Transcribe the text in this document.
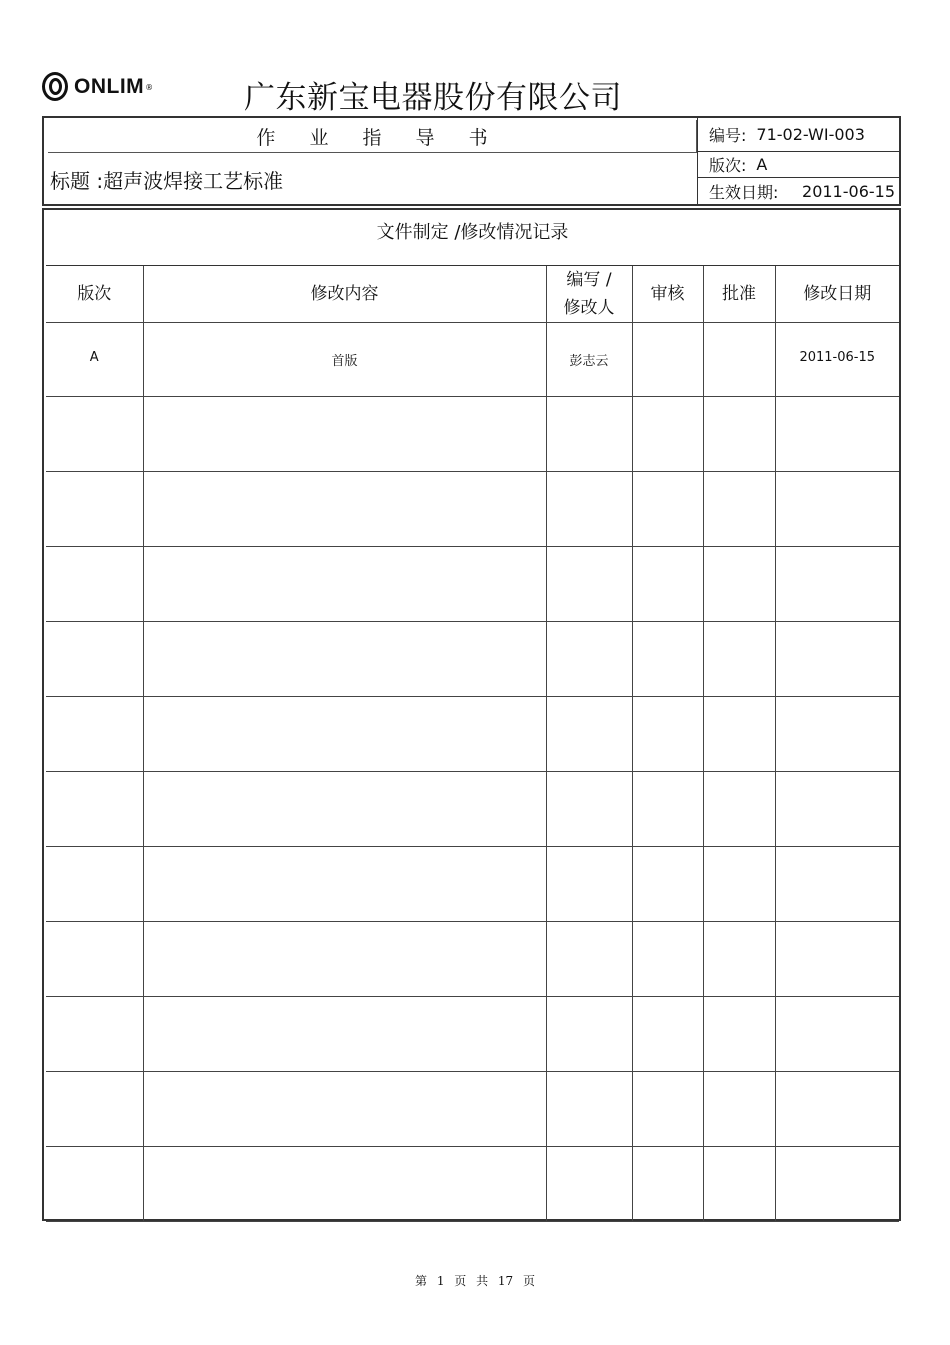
ONLIM ®	广东新宝电器股份有限公司
作 业 指 导 书
标题 :超声波焊接工艺标准
编号: 71-02-WI-003
版次: A
生效日期: 2011-06-15
文件制定 /修改情况记录
版次	修改内容	编写 / 修改人	审核	批准	修改日期
A	首版	彭志云			2011-06-15

第 1 页 共 17 页
